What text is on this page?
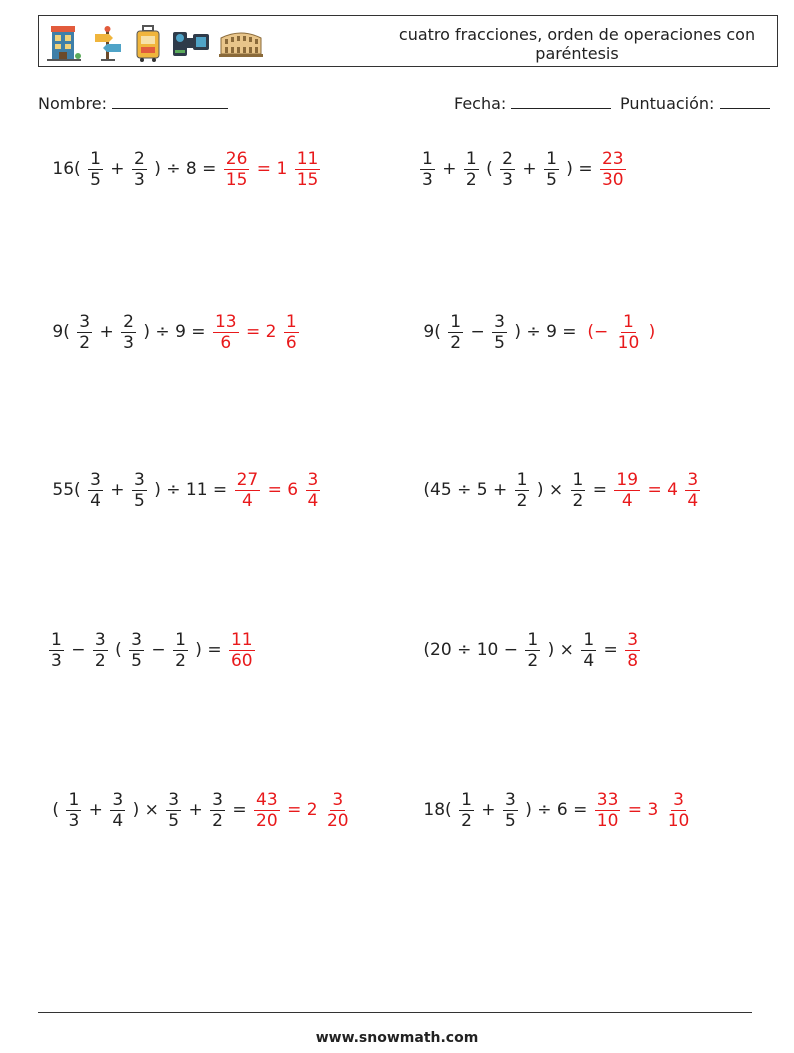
cuatro fracciones, orden de operaciones con paréntesis
Nombre:	Fecha:	Puntuación:
$16( \frac{1}{5} + \frac{2}{3}$ ) ÷ $8 = \frac{26}{15} = 1 \frac{11}{15}$	$\frac{1}{3} + \frac{1}{2}$ ( $\frac{2}{3} + \frac{1}{5}$ ) = $\frac{23}{30}$
$9( \frac{3}{2} + \frac{2}{3}$ ) ÷ $9 = \frac{13}{6} = 2 \frac{1}{6}$	$9( \frac{1}{2} - \frac{3}{5}$ ) ÷ 9 = (− $\frac{1}{10}$ )
$55( \frac{3}{4} + \frac{3}{5}$ ) ÷ $11 = \frac{27}{4} = 6 \frac{3}{4}$	($45 \div 5 + \frac{1}{2}$ ) × $\frac{1}{2} = \frac{19}{4} = 4 \frac{3}{4}$
$\frac{1}{3} - \frac{3}{2}$ ( $\frac{3}{5} - \frac{1}{2}$ ) = $\frac{11}{60}$	($20 \div 10 - \frac{1}{2}$ ) × $\frac{1}{4} = \frac{3}{8}$
( $\frac{1}{3} + \frac{3}{4}$ ) × $\frac{3}{5} + \frac{3}{2} = \frac{43}{20} = 2 \frac{3}{20}$	$18( \frac{1}{2} + \frac{3}{5}$ ) ÷ $6 = \frac{33}{10} = 3 \frac{3}{10}$
www.snowmath.com
